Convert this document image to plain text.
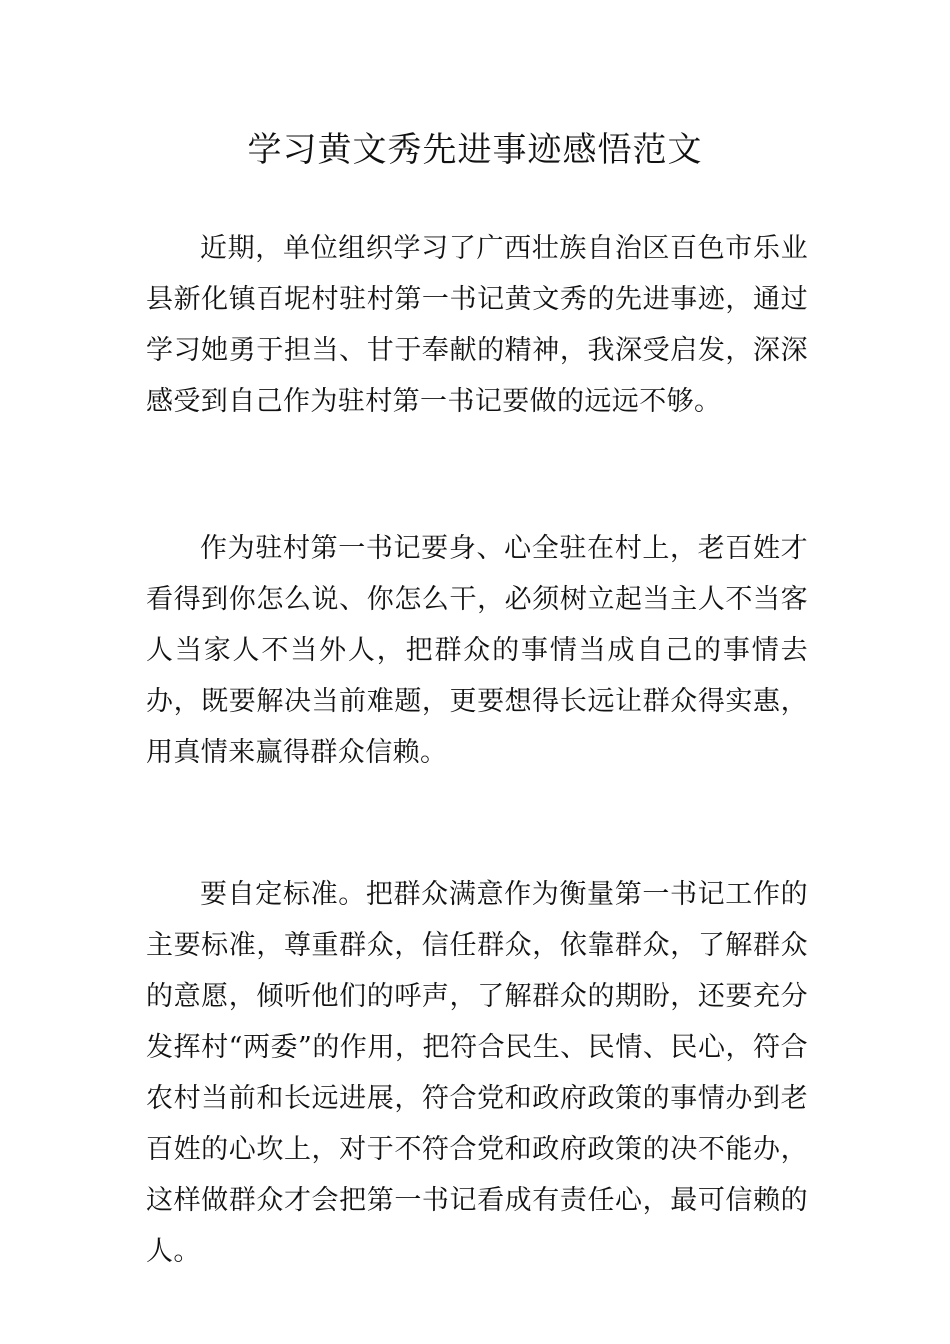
学习黄文秀先进事迹感悟范文

近期，单位组织学习了广西壮族自治区百色市乐业县新化镇百坭村驻村第一书记黄文秀的先进事迹，通过学习她勇于担当、甘于奉献的精神，我深受启发，深深感受到自己作为驻村第一书记要做的远远不够。

作为驻村第一书记要身、心全驻在村上，老百姓才看得到你怎么说、你怎么干，必须树立起当主人不当客人当家人不当外人，把群众的事情当成自己的事情去办，既要解决当前难题，更要想得长远让群众得实惠，用真情来赢得群众信赖。

要自定标准。把群众满意作为衡量第一书记工作的主要标准，尊重群众，信任群众，依靠群众，了解群众的意愿，倾听他们的呼声，了解群众的期盼，还要充分发挥村“两委”的作用，把符合民生、民情、民心，符合农村当前和长远进展，符合党和政府政策的事情办到老百姓的心坎上，对于不符合党和政府政策的决不能办，这样做群众才会把第一书记看成有责任心，最可信赖的人。
